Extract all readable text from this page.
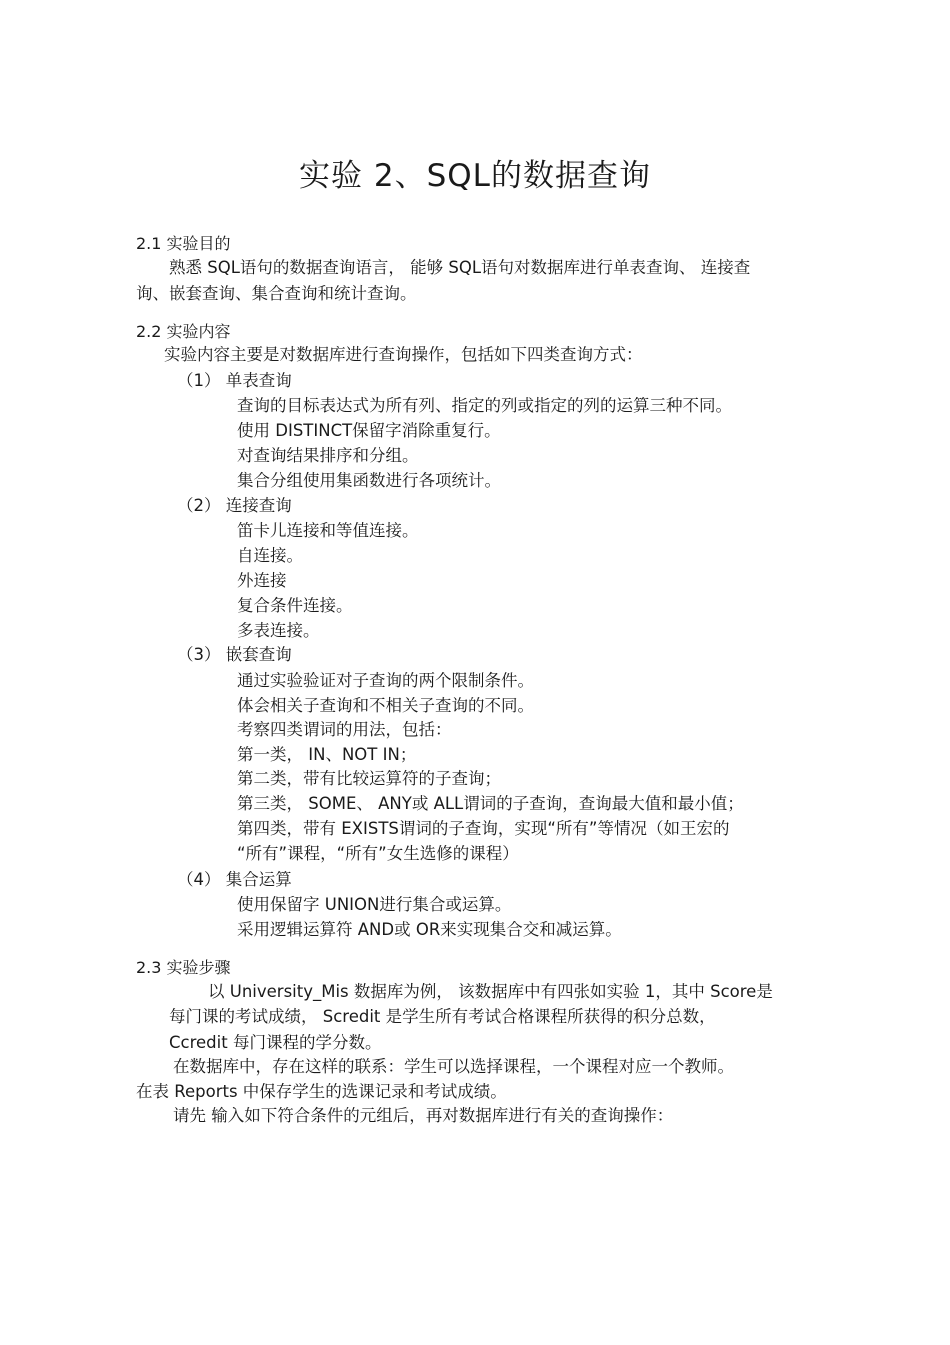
实验 2、SQL的数据查询
2.1 实验目的
熟悉 SQL语句的数据查询语言， 能够 SQL语句对数据库进行单表查询、 连接查
询、嵌套查询、集合查询和统计查询。
2.2 实验内容
实验内容主要是对数据库进行查询操作，包括如下四类查询方式：
（1） 单表查询
查询的目标表达式为所有列、指定的列或指定的列的运算三种不同。
使用 DISTINCT保留字消除重复行。
对查询结果排序和分组。
集合分组使用集函数进行各项统计。
（2） 连接查询
笛卡儿连接和等值连接。
自连接。
外连接
复合条件连接。
多表连接。
（3） 嵌套查询
通过实验验证对子查询的两个限制条件。
体会相关子查询和不相关子查询的不同。
考察四类谓词的用法，包括：
第一类， IN、NOT IN；
第二类，带有比较运算符的子查询；
第三类， SOME、 ANY或 ALL谓词的子查询，查询最大值和最小值；
第四类，带有 EXISTS谓词的子查询，实现“所有”等情况（如王宏的
“所有”课程，“所有”女生选修的课程）
（4） 集合运算
使用保留字 UNION进行集合或运算。
采用逻辑运算符 AND或 OR来实现集合交和减运算。
2.3 实验步骤
以 University_Mis 数据库为例， 该数据库中有四张如实验 1，其中 Score是
每门课的考试成绩， Scredit 是学生所有考试合格课程所获得的积分总数，
Ccredit 每门课程的学分数。
在数据库中，存在这样的联系：学生可以选择课程，一个课程对应一个教师。
在表 Reports 中保存学生的选课记录和考试成绩。
请先 输入如下符合条件的元组后，再对数据库进行有关的查询操作：
